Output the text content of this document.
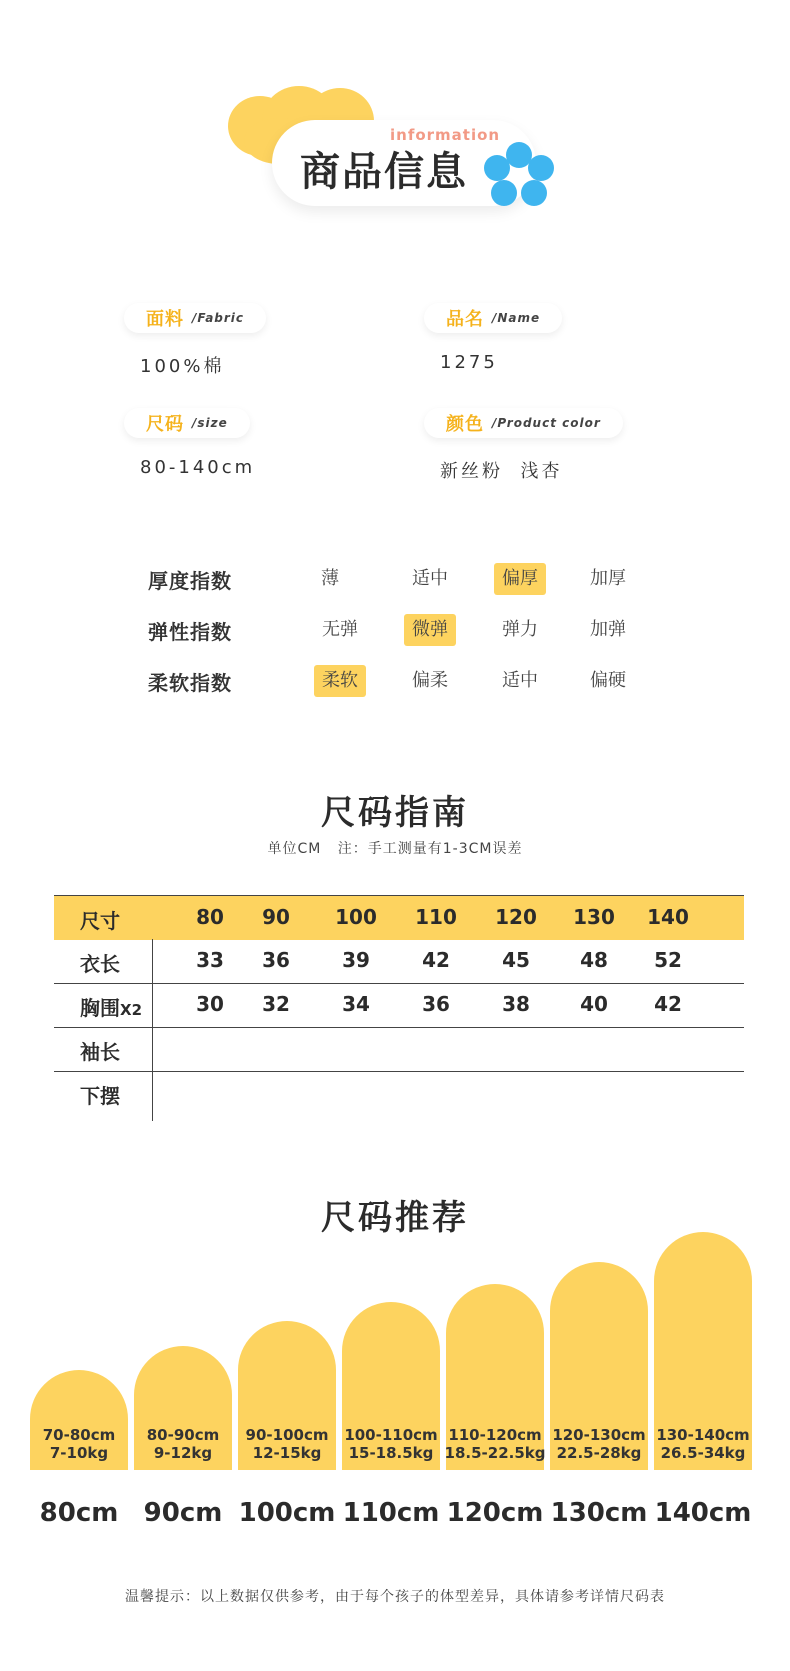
information
商品信息
面料 /Fabric
100%棉
品名 /Name
1275
尺码 /size
80-140cm
颜色 /Product color
新丝粉  浅杏
厚度指数	薄	适中	偏厚	加厚
弹性指数	无弹	微弹	弹力	加弹
柔软指数	柔软	偏柔	适中	偏硬
尺码指南
单位CM   注：手工测量有1-3CM误差
尺寸	80	90	100	110	120	130	140
衣长	33	36	39	42	45	48	52
胸围X2	30	32	34	36	38	40	42
袖长
下摆
尺码推荐
70-80cm
7-10kg
80-90cm
9-12kg
90-100cm
12-15kg
100-110cm
15-18.5kg
110-120cm
18.5-22.5kg
120-130cm
22.5-28kg
130-140cm
26.5-34kg
80cm 90cm 100cm 110cm 120cm 130cm 140cm
温馨提示：以上数据仅供参考，由于每个孩子的体型差异，具体请参考详情尺码表
